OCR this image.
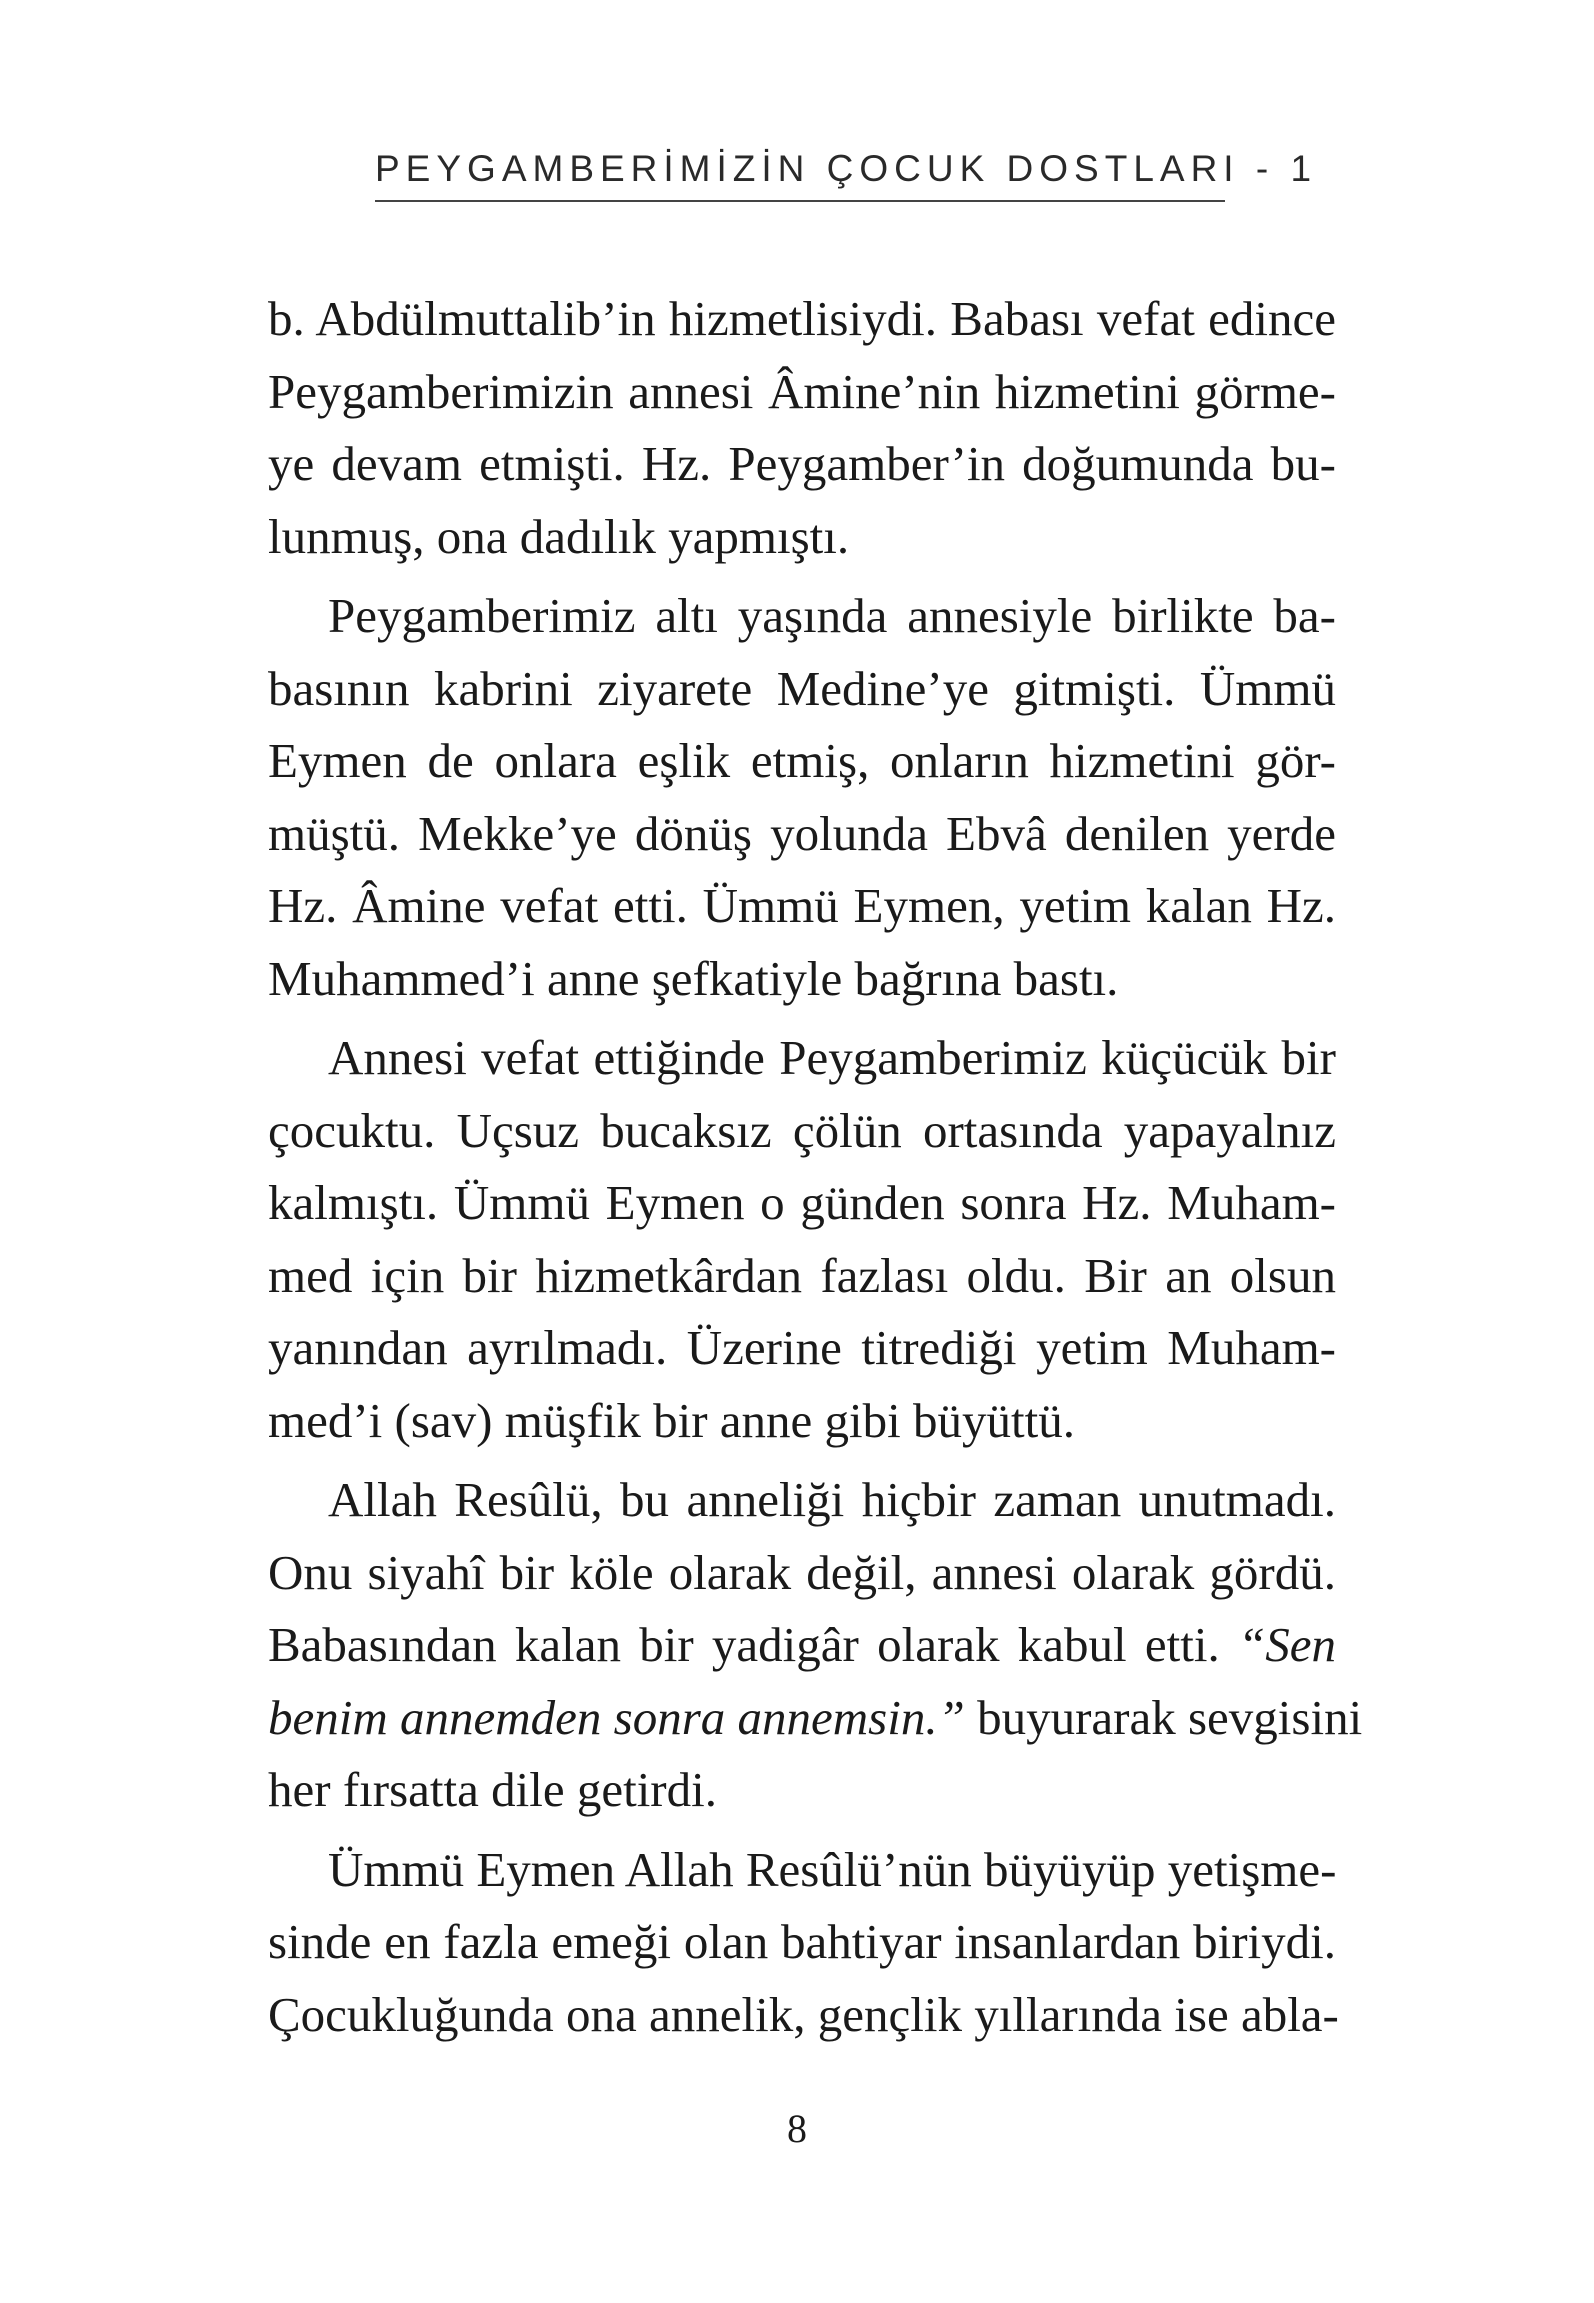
PEYGAMBERİMİZİN ÇOCUK DOSTLARI - 1
b. Abdülmuttalib’in hizmetlisiydi. Babası vefat edince
Peygamberimizin annesi Âmine’nin hizmetini görme-
ye devam etmişti. Hz. Peygamber’in doğumunda bu-
lunmuş, ona dadılık yapmıştı.
Peygamberimiz altı yaşında annesiyle birlikte ba-
basının kabrini ziyarete Medine’ye gitmişti. Ümmü
Eymen de onlara eşlik etmiş, onların hizmetini gör-
müştü. Mekke’ye dönüş yolunda Ebvâ denilen yerde
Hz. Âmine vefat etti. Ümmü Eymen, yetim kalan Hz.
Muhammed’i anne şefkatiyle bağrına bastı.
Annesi vefat ettiğinde Peygamberimiz küçücük bir
çocuktu. Uçsuz bucaksız çölün ortasında yapayalnız
kalmıştı. Ümmü Eymen o günden sonra Hz. Muham-
med için bir hizmetkârdan fazlası oldu. Bir an olsun
yanından ayrılmadı. Üzerine titrediği yetim Muham-
med’i (sav) müşfik bir anne gibi büyüttü.
Allah Resûlü, bu anneliği hiçbir zaman unutmadı.
Onu siyahî bir köle olarak değil, annesi olarak gördü.
Babasından kalan bir yadigâr olarak kabul etti. “Sen
benim annemden sonra annemsin.” buyurarak sevgisini
her fırsatta dile getirdi.
Ümmü Eymen Allah Resûlü’nün büyüyüp yetişme-
sinde en fazla emeği olan bahtiyar insanlardan biriydi.
Çocukluğunda ona annelik, gençlik yıllarında ise abla-
8
